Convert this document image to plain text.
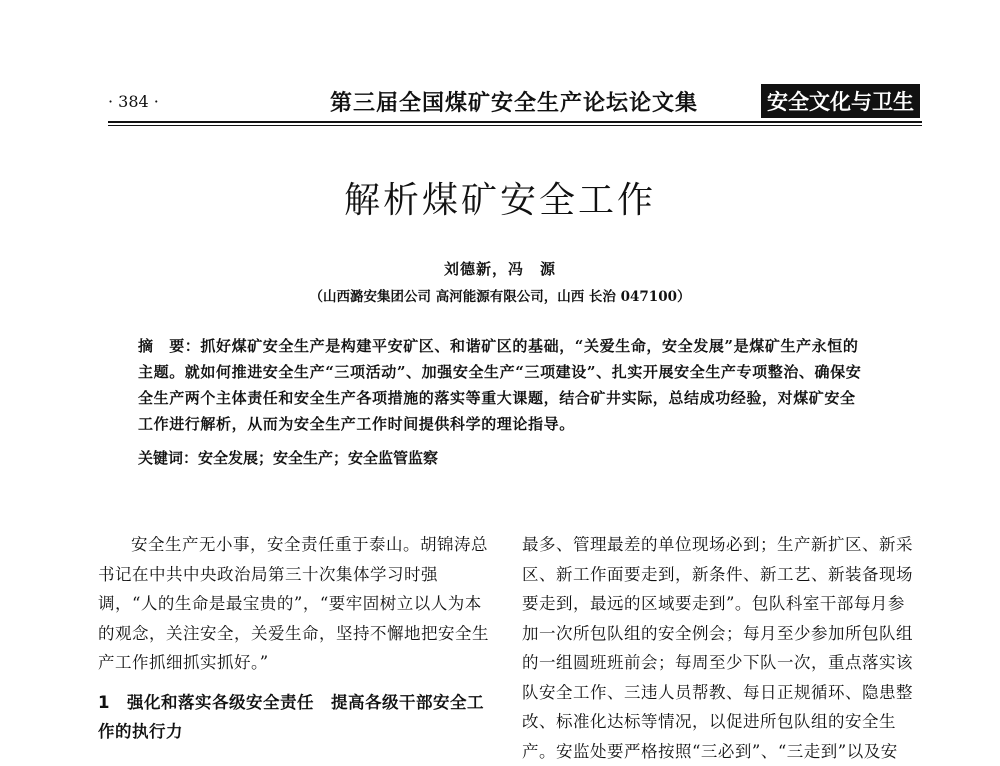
· 384 ·	第三届全国煤矿安全生产论坛论文集	安全文化与卫生
解析煤矿安全工作
刘德新，冯　源
（山西潞安集团公司 高河能源有限公司，山西 长治 047100）
摘　要：抓好煤矿安全生产是构建平安矿区、和谐矿区的基础，“关爱生命，安全发展”是煤矿生产永恒的主题。就如何推进安全生产“三项活动”、加强安全生产“三项建设”、扎实开展安全生产专项整治、确保安全生产两个主体责任和安全生产各项措施的落实等重大课题，结合矿井实际，总结成功经验，对煤矿安全工作进行解析，从而为安全生产工作时间提供科学的理论指导。
关键词：安全发展；安全生产；安全监管监察

安全生产无小事，安全责任重于泰山。胡锦涛总书记在中共中央政治局第三十次集体学习时强调，“人的生命是最宝贵的”，“要牢固树立以人为本的观念，关注安全，关爱生命，坚持不懈地把安全生产工作抓细抓实抓好。”

1　强化和落实各级安全责任　提高各级干部安全工作的执行力

最多、管理最差的单位现场必到；生产新扩区、新采区、新工作面要走到，新条件、新工艺、新装备现场要走到，最远的区域要走到”。包队科室干部每月参加一次所包队组的安全例会；每月至少参加所包队组的一组圆班班前会；每周至少下队一次，重点落实该队安全工作、三违人员帮教、每日正规循环、隐患整改、标准化达标等情况，以促进所包队组的安全生产。安监处要严格按照“三必到”、“三走到”以及安
